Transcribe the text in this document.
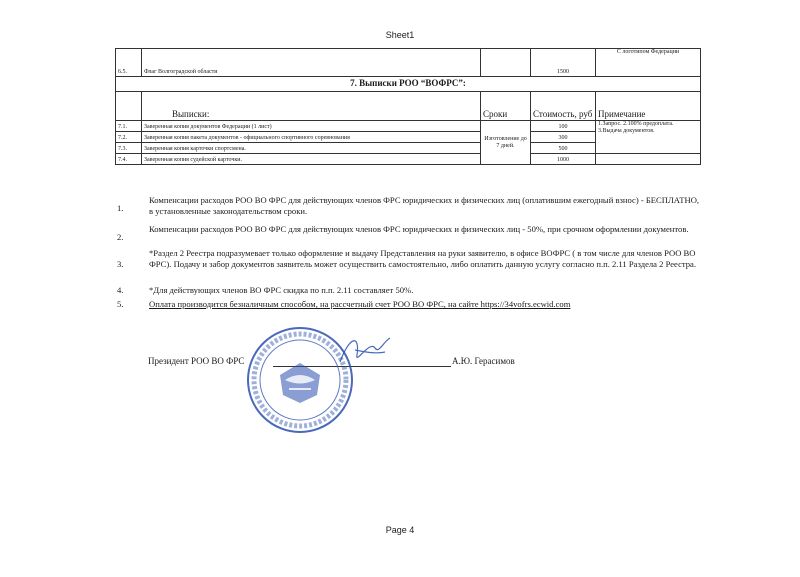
Sheet1
6.5.	Флаг Волгоградской области		1500	С логотипом Федерации
7. Выписки РОО “ВОФРС”:				
	Выписки:	Сроки	Стоимость, руб	Примечание
7.1.	Заверенная копия документов Федерации (1 лист)	Изготовление до 7 дней.	100	1.Запрос. 2.100% предоплата. 3.Выдача документов.
7.2.	Заверенная копия пакета документов - официального спортивного соревнования		300	
7.3.	Заверенная копия карточки спортсмена.		500	
7.4.	Заверенная копия судейской карточки.		1000	
1.
Компенсации расходов РОО ВО ФРС для действующих членов ФРС юридических и физических лиц (оплатившим ежегодный взнос) - БЕСПЛАТНО, в установленные законодательством сроки.
2.
Компенсации расходов РОО ВО ФРС для действующих членов ФРС юридических и физических лиц - 50%, при срочном оформлении документов.
3.
*Раздел 2 Реестра подразумевает только оформление и выдачу Представления на руки заявителю, в офисе ВОФРС ( в том числе для членов РОО ВО ФРС). Подачу и забор документов заявитель может осуществить самостоятельно, либо оплатить данную услугу согласно п.п. 2.11 Раздела 2 Реестра.
4.	*Для действующих членов ВО ФРС скидка по п.п. 2.11 составляет 50%.
5.	Оплата производится безналичным способом, на рассчетный счет РОО ВО ФРС, на сайте https://34vofrs.ecwid.com
Президент РОО ВО ФРС	А.Ю. Герасимов
Page 4
